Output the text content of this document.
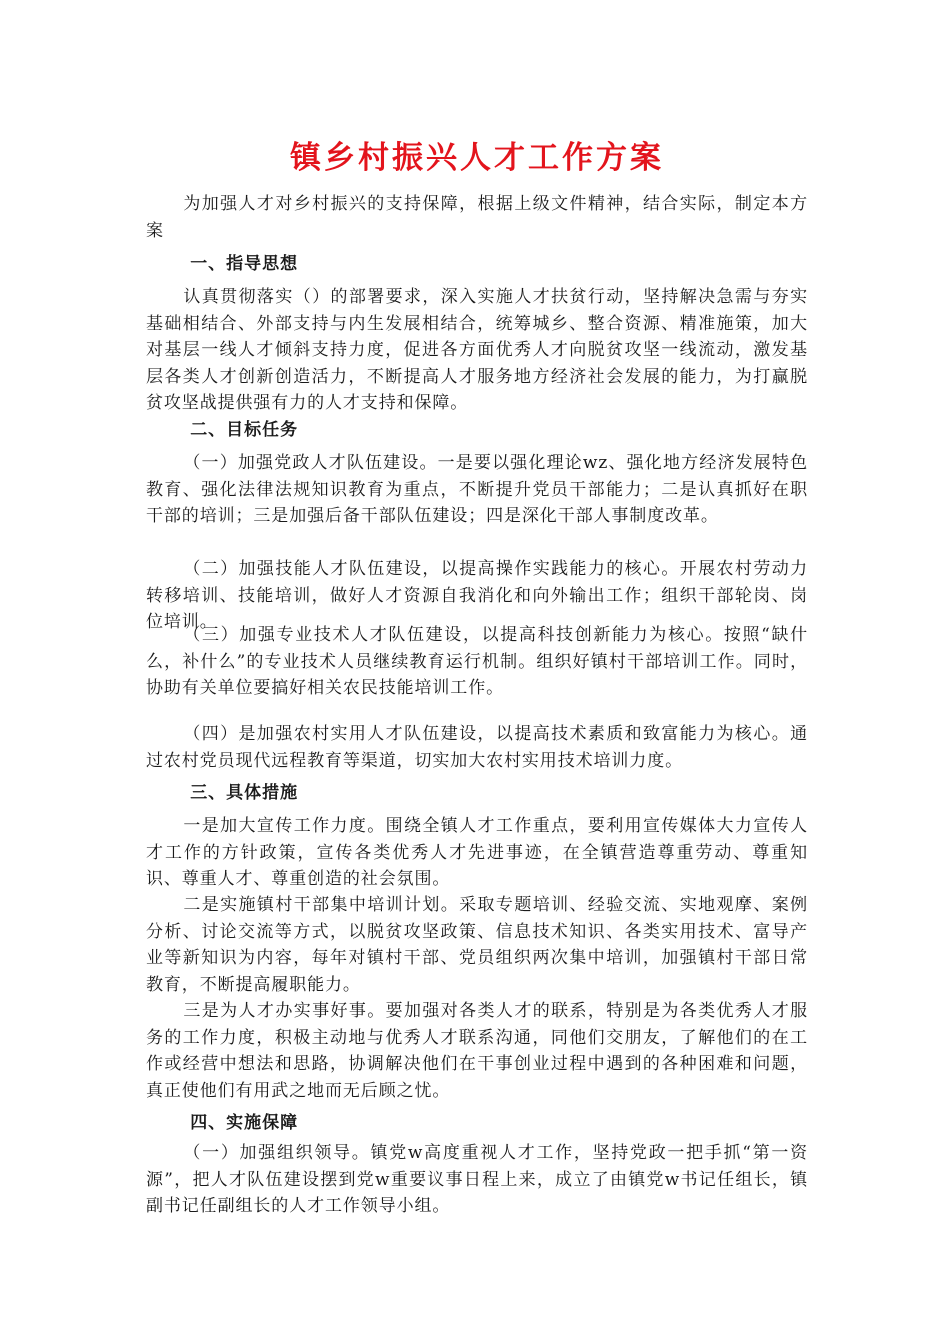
镇乡村振兴人才工作方案

为加强人才对乡村振兴的支持保障，根据上级文件精神，结合实际，制定本方案

一、指导思想

认真贯彻落实（）的部署要求，深入实施人才扶贫行动，坚持解决急需与夯实基础相结合、外部支持与内生发展相结合，统筹城乡、整合资源、精准施策，加大对基层一线人才倾斜支持力度，促进各方面优秀人才向脱贫攻坚一线流动，激发基层各类人才创新创造活力，不断提高人才服务地方经济社会发展的能力，为打赢脱贫攻坚战提供强有力的人才支持和保障。

二、目标任务

（一）加强党政人才队伍建设。一是要以强化理论wz、强化地方经济发展特色教育、强化法律法规知识教育为重点，不断提升党员干部能力；二是认真抓好在职干部的培训；三是加强后备干部队伍建设；四是深化干部人事制度改革。

（二）加强技能人才队伍建设，以提高操作实践能力的核心。开展农村劳动力转移培训、技能培训，做好人才资源自我消化和向外输出工作；组织干部轮岗、岗位培训。

（三）加强专业技术人才队伍建设，以提高科技创新能力为核心。按照“缺什么，补什么”的专业技术人员继续教育运行机制。组织好镇村干部培训工作。同时，协助有关单位要搞好相关农民技能培训工作。

（四）是加强农村实用人才队伍建设，以提高技术素质和致富能力为核心。通过农村党员现代远程教育等渠道，切实加大农村实用技术培训力度。

三、具体措施

一是加大宣传工作力度。围绕全镇人才工作重点，要利用宣传媒体大力宣传人才工作的方针政策，宣传各类优秀人才先进事迹，在全镇营造尊重劳动、尊重知识、尊重人才、尊重创造的社会氛围。

二是实施镇村干部集中培训计划。采取专题培训、经验交流、实地观摩、案例分析、讨论交流等方式，以脱贫攻坚政策、信息技术知识、各类实用技术、富导产业等新知识为内容，每年对镇村干部、党员组织两次集中培训，加强镇村干部日常教育，不断提高履职能力。

三是为人才办实事好事。要加强对各类人才的联系，特别是为各类优秀人才服务的工作力度，积极主动地与优秀人才联系沟通，同他们交朋友，了解他们的在工作或经营中想法和思路，协调解决他们在干事创业过程中遇到的各种困难和问题，真正使他们有用武之地而无后顾之忧。

四、实施保障

（一）加强组织领导。镇党w高度重视人才工作，坚持党政一把手抓“第一资源”，把人才队伍建设摆到党w重要议事日程上来，成立了由镇党w书记任组长，镇副书记任副组长的人才工作领导小组。
